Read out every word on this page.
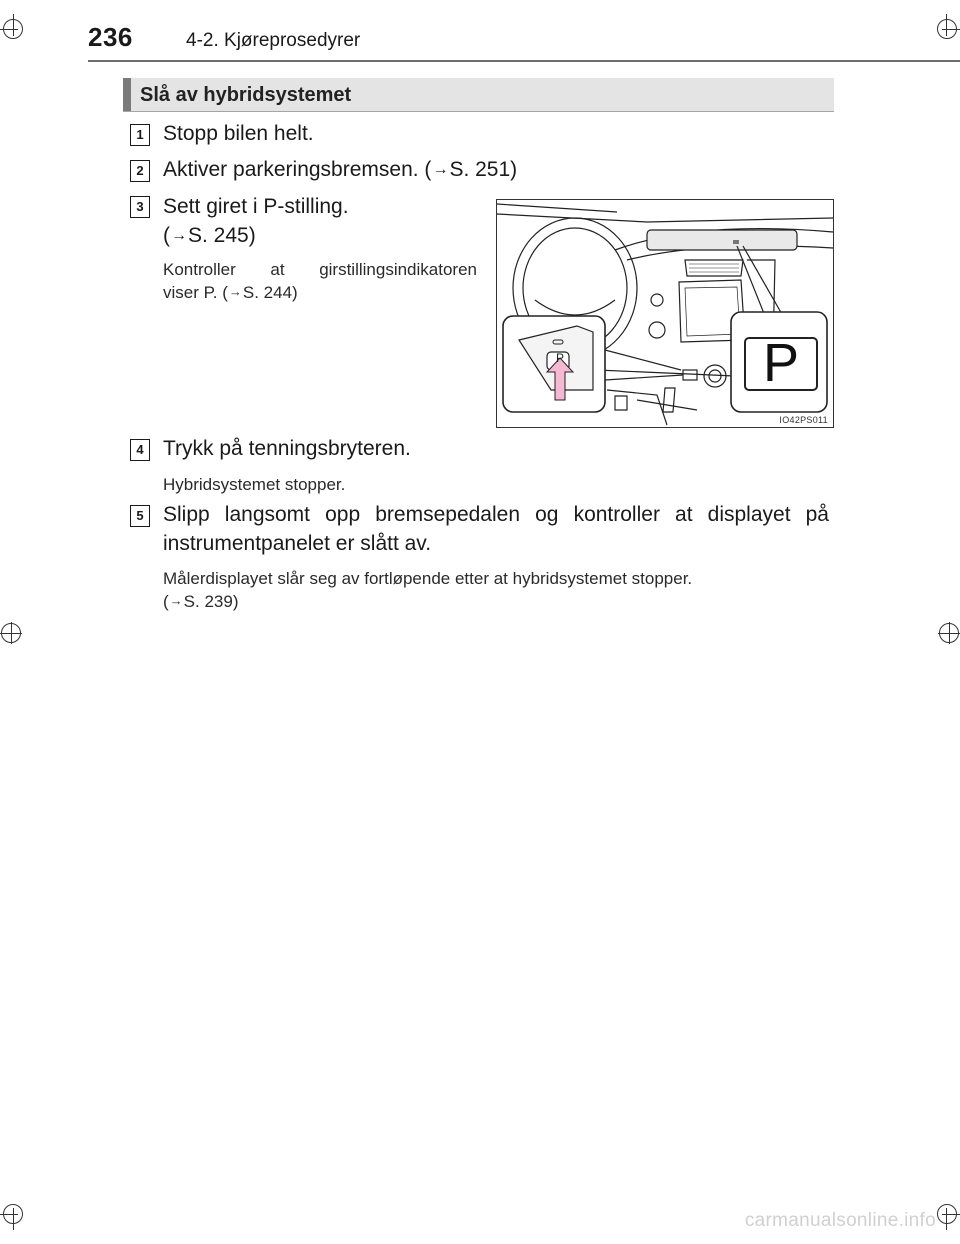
236	4-2. Kjøreprosedyrer
Slå av hybridsystemet
1 Stopp bilen helt.
2 Aktiver parkeringsbremsen. (→S. 251)
3 Sett giret i P-stilling.
(→S. 245)
Kontroller at girstillingsindikatoren
viser P. (→S. 244)
P	P
IO42PS011
4 Trykk på tenningsbryteren.
Hybridsystemet stopper.
5 Slipp langsomt opp bremsepedalen og kontroller at displayet på
instrumentpanelet er slått av.
Målerdisplayet slår seg av fortløpende etter at hybridsystemet stopper.
(→S. 239)
carmanualsonline.info
